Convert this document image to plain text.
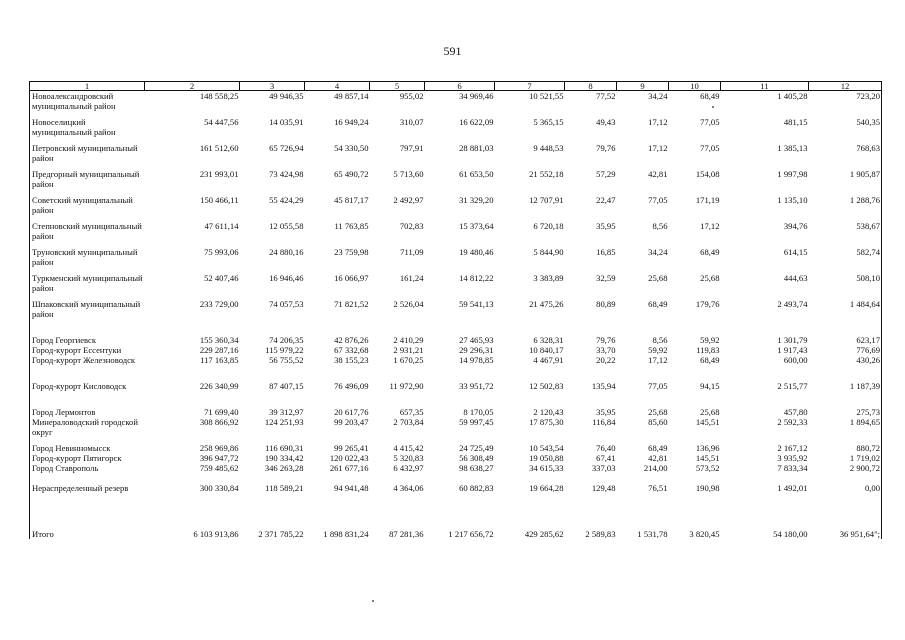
591
1	2	3	4	5	6	7	8	9	10	11	12
Новоалександровский муниципальный район	148 558,25	49 946,35	49 857,14	955,02	34 969,46	10 521,55	77,52	34,24	68,49	1 405,28	723,20
Новоселицкий муниципальный район	54 447,56	14 035,91	16 949,24	310,07	16 622,09	5 365,15	49,43	17,12	77,05	481,15	540,35
Петровский муниципальный район	161 512,60	65 726,94	54 330,50	797,91	28 881,03	9 448,53	79,76	17,12	77,05	1 385,13	768,63
Предгорный муниципальный район	231 993,01	73 424,98	65 490,72	5 713,60	61 653,50	21 552,18	57,29	42,81	154,08	1 997,98	1 905,87
Советский муниципальный район	150 466,11	55 424,29	45 817,17	2 492,97	31 329,20	12 707,91	22,47	77,05	171,19	1 135,10	1 288,76
Степновский муниципальный район	47 611,14	12 055,58	11 763,85	702,83	15 373,64	6 720,18	35,95	8,56	17,12	394,76	538,67
Труновский муниципальный район	75 993,06	24 880,16	23 759,98	711,09	19 480,46	5 844,90	16,85	34,24	68,49	614,15	582,74
Туркменский муниципальный район	52 407,46	16 946,46	16 066,97	161,24	14 812,22	3 383,89	32,59	25,68	25,68	444,63	508,10
Шпаковский муниципальный район	233 729,00	74 057,53	71 821,52	2 526,04	59 541,13	21 475,26	80,89	68,49	179,76	2 493,74	1 484,64

Город Георгиевск	155 360,34	74 206,35	42 876,26	2 410,29	27 465,93	6 328,31	79,76	8,56	59,92	1 301,79	623,17
Город-курорт Ессентуки	229 287,16	115 979,22	67 332,68	2 931,21	29 296,31	10 840,17	33,70	59,92	119,83	1 917,43	776,69
Город-курорт Железноводск	117 163,85	56 755,52	38 155,23	1 670,25	14 978,85	4 467,91	20,22	17,12	68,49	600,00	430,26
Город-курорт Кисловодск	226 340,99	87 407,15	76 496,09	11 972,90	33 951,72	12 502,83	135,94	77,05	94,15	2 515,77	1 187,39
Город Лермонтов	71 699,40	39 312,97	20 617,76	657,35	8 170,05	2 120,43	35,95	25,68	25,68	457,80	275,73
Минераловодский городской округ	308 866,92	124 251,93	99 203,47	2 703,84	59 997,45	17 875,30	116,84	85,60	145,51	2 592,33	1 894,65
Город Невинномысск	258 969,86	116 690,31	99 265,41	4 415,42	24 725,49	10 543,54	76,40	68,49	136,96	2 167,12	880,72
Город-курорт Пятигорск	396 947,72	190 334,42	120 022,43	5 320,83	56 308,49	19 050,88	67,41	42,81	145,51	3 935,92	1 719,02
Город Ставрополь	759 485,62	346 263,28	261 677,16	6 432,97	98 638,27	34 615,33	337,03	214,00	573,52	7 833,34	2 900,72

Нераспределенный резерв	300 330,84	118 589,21	94 941,48	4 364,06	60 882,83	19 664,28	129,48	76,51	190,98	1 492,01	0,00

Итого	6 103 913,86	2 371 785,22	1 898 831,24	87 281,36	1 217 656,72	429 285,62	2 589,83	1 531,78	3 820,45	54 180,00	36 951,64";
